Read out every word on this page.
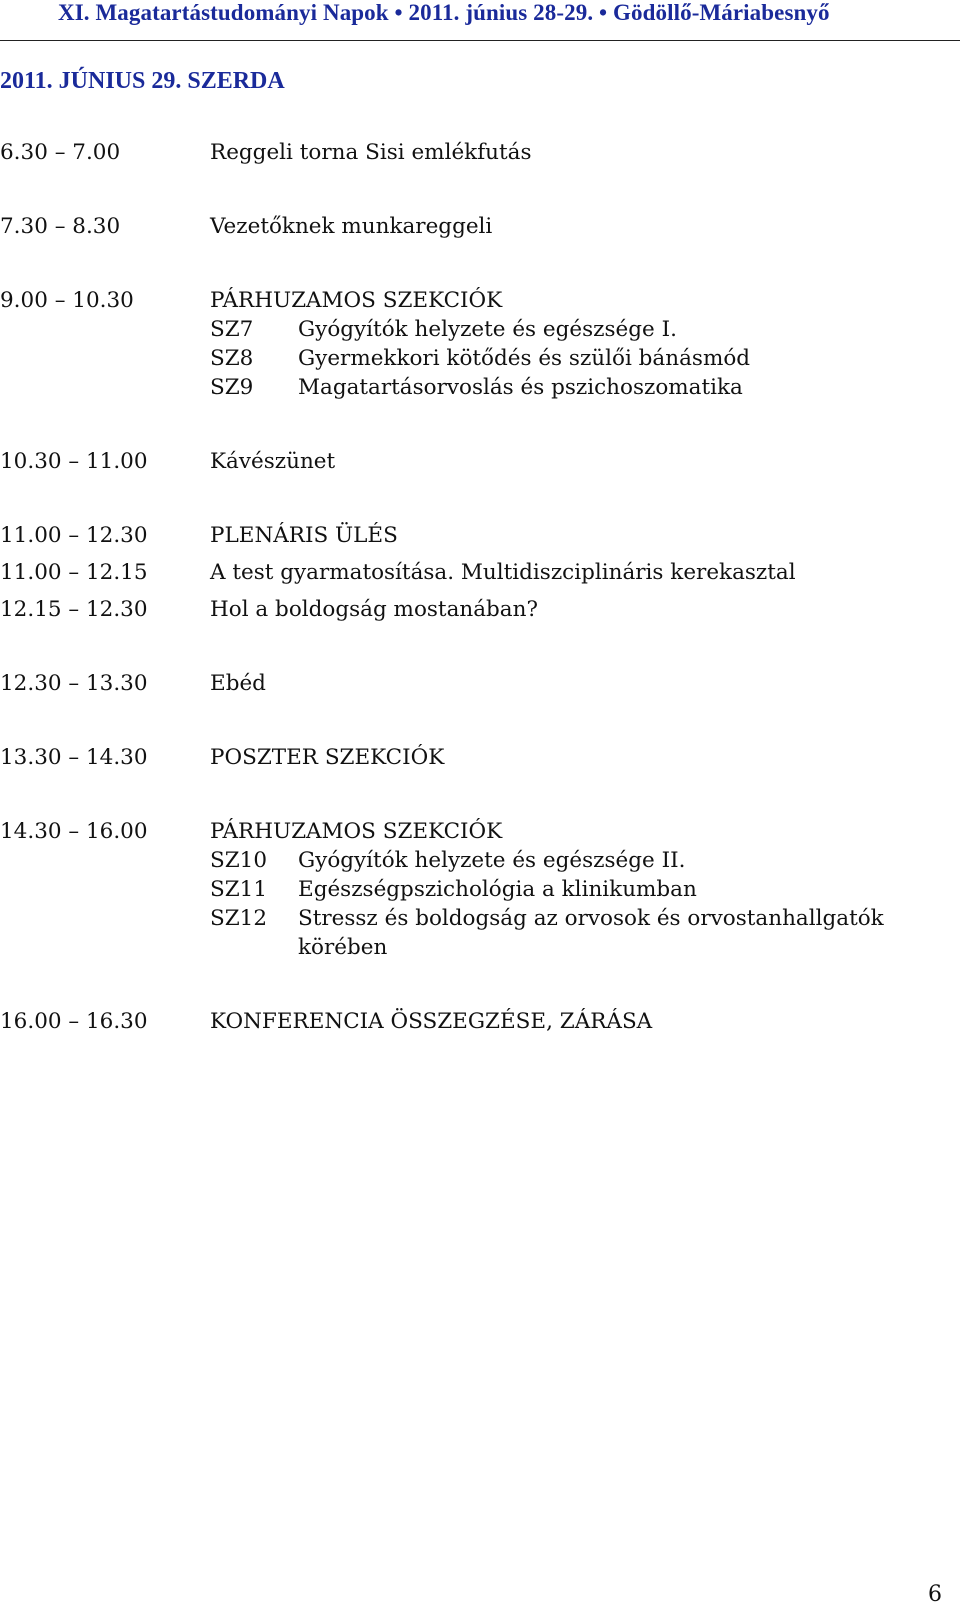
XI. Magatartástudományi Napok • 2011. június 28-29. • Gödöllő-Máriabesnyő
2011. JÚNIUS 29. SZERDA
6.30 – 7.00	Reggeli torna Sisi emlékfutás
7.30 – 8.30	Vezetőknek munkareggeli
9.00 – 10.30	PÁRHUZAMOS SZEKCIÓK
SZ7 Gyógyítók helyzete és egészsége I.
SZ8 Gyermekkori kötődés és szülői bánásmód
SZ9 Magatartásorvoslás és pszichoszomatika
10.30 – 11.00	Kávészünet
11.00 – 12.30	PLENÁRIS ÜLÉS
11.00 – 12.15	A test gyarmatosítása. Multidiszciplináris kerekasztal
12.15 – 12.30	Hol a boldogság mostanában?
12.30 – 13.30	Ebéd
13.30 – 14.30	POSZTER SZEKCIÓK
14.30 – 16.00	PÁRHUZAMOS SZEKCIÓK
SZ10 Gyógyítók helyzete és egészsége II.
SZ11 Egészségpszichológia a klinikumban
SZ12 Stressz és boldogság az orvosok és orvostanhallgatók
körében
16.00 – 16.30	KONFERENCIA ÖSSZEGZÉSE, ZÁRÁSA
6
